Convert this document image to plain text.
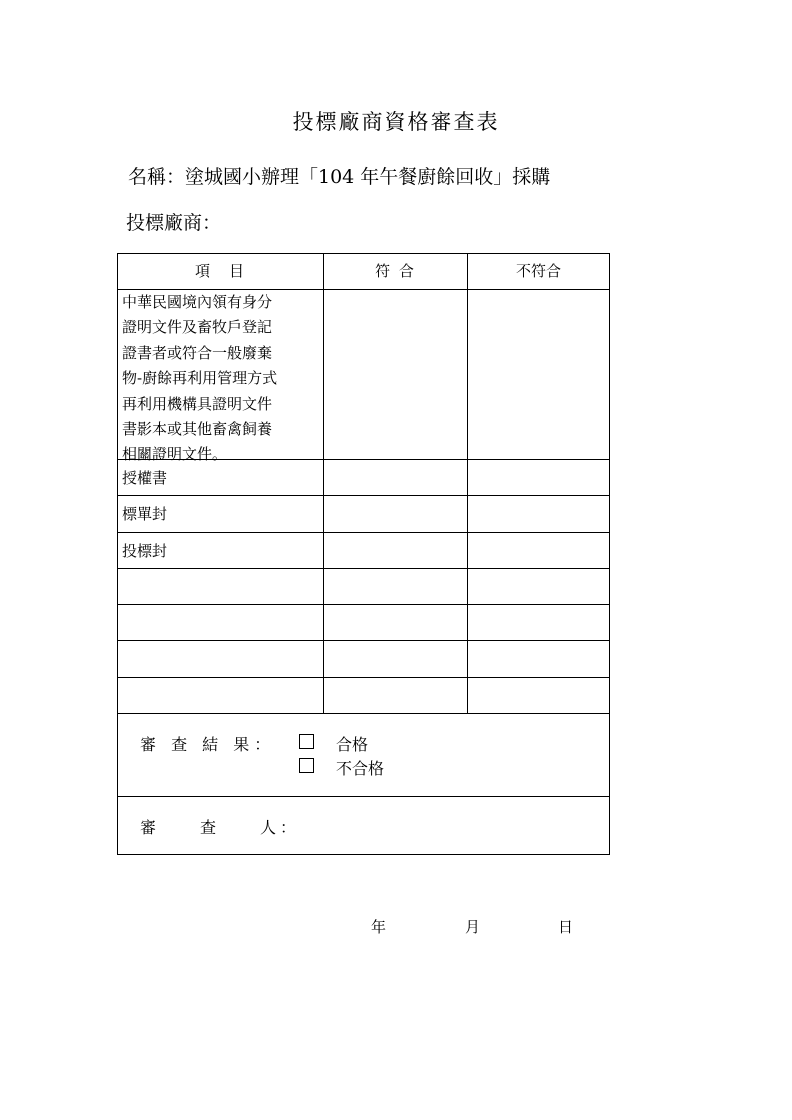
投標廠商資格審查表
名稱：塗城國小辦理「104 年午餐廚餘回收」採購
投標廠商：
項　目	符 合	不符合
中華民國境內領有身分
證明文件及畜牧戶登記
證書者或符合一般廢棄
物-廚餘再利用管理方式
再利用機構具證明文件
書影本或其他畜禽飼養
相關證明文件。
授權書
標單封
投標封
審 查 結 果：	合格
不合格
審　　查　　人：
年	月	日
